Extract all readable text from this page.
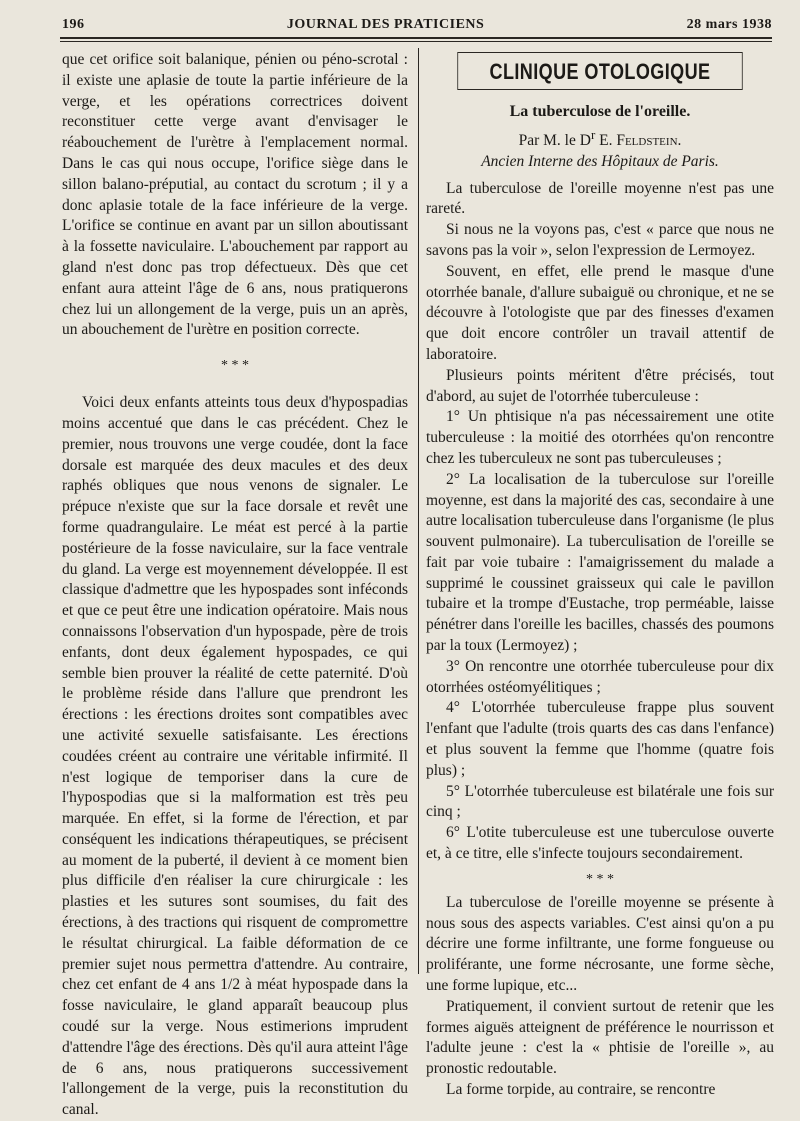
196	JOURNAL DES PRATICIENS	28 mars 1938

que cet orifice soit balanique, pénien ou péno-scrotal : il existe une aplasie de toute la partie inférieure de la verge, et les opérations correctrices doivent reconstituer cette verge avant d'envisager le réabouchement de l'urètre à l'emplacement normal. Dans le cas qui nous occupe, l'orifice siège dans le sillon balano-préputial, au contact du scrotum ; il y a donc aplasie totale de la face inférieure de la verge. L'orifice se continue en avant par un sillon aboutissant à la fossette naviculaire. L'abouchement par rapport au gland n'est donc pas trop défectueux. Dès que cet enfant aura atteint l'âge de 6 ans, nous pratiquerons chez lui un allongement de la verge, puis un an après, un abouchement de l'urètre en position correcte.

* * *

Voici deux enfants atteints tous deux d'hypospadias moins accentué que dans le cas précédent. Chez le premier, nous trouvons une verge coudée, dont la face dorsale est marquée des deux macules et des deux raphés obliques que nous venons de signaler. Le prépuce n'existe que sur la face dorsale et revêt une forme quadrangulaire. Le méat est percé à la partie postérieure de la fosse naviculaire, sur la face ventrale du gland. La verge est moyennement développée. Il est classique d'admettre que les hypospades sont inféconds et que ce peut être une indication opératoire. Mais nous connaissons l'observation d'un hypospade, père de trois enfants, dont deux également hypospades, ce qui semble bien prouver la réalité de cette paternité. D'où le problème réside dans l'allure que prendront les érections : les érections droites sont compatibles avec une activité sexuelle satisfaisante. Les érections coudées créent au contraire une véritable infirmité. Il n'est logique de temporiser dans la cure de l'hypospodias que si la malformation est très peu marquée. En effet, si la forme de l'érection, et par conséquent les indications thérapeutiques, se précisent au moment de la puberté, il devient à ce moment bien plus difficile d'en réaliser la cure chirurgicale : les plasties et les sutures sont soumises, du fait des érections, à des tractions qui risquent de compromettre le résultat chirurgical. La faible déformation de ce premier sujet nous permettra d'attendre. Au contraire, chez cet enfant de 4 ans 1/2 à méat hypospade dans la fosse naviculaire, le gland apparaît beaucoup plus coudé sur la verge. Nous estimerions imprudent d'attendre l'âge des érections. Dès qu'il aura atteint l'âge de 6 ans, nous pratiquerons successivement l'allongement de la verge, puis la reconstitution du canal.

CLINIQUE OTOLOGIQUE
La tuberculose de l'oreille.
Par M. le $D^r$ E. Feldstein.
Ancien Interne des Hôpitaux de Paris.

La tuberculose de l'oreille moyenne n'est pas une rareté.

Si nous ne la voyons pas, c'est « parce que nous ne savons pas la voir », selon l'expression de Lermoyez.

Souvent, en effet, elle prend le masque d'une otorrhée banale, d'allure subaiguë ou chronique, et ne se découvre à l'otologiste que par des finesses d'examen que doit encore contrôler un travail attentif de laboratoire.

Plusieurs points méritent d'être précisés, tout d'abord, au sujet de l'otorrhée tuberculeuse :

1° Un phtisique n'a pas nécessairement une otite tuberculeuse : la moitié des otorrhées qu'on rencontre chez les tuberculeux ne sont pas tuberculeuses ;

2° La localisation de la tuberculose sur l'oreille moyenne, est dans la majorité des cas, secondaire à une autre localisation tuberculeuse dans l'organisme (le plus souvent pulmonaire). La tuberculisation de l'oreille se fait par voie tubaire : l'amaigrissement du malade a supprimé le coussinet graisseux qui cale le pavillon tubaire et la trompe d'Eustache, trop perméable, laisse pénétrer dans l'oreille les bacilles, chassés des poumons par la toux (Lermoyez) ;

3° On rencontre une otorrhée tuberculeuse pour dix otorrhées ostéomyélitiques ;

4° L'otorrhée tuberculeuse frappe plus souvent l'enfant que l'adulte (trois quarts des cas dans l'enfance) et plus souvent la femme que l'homme (quatre fois plus) ;

5° L'otorrhée tuberculeuse est bilatérale une fois sur cinq ;

6° L'otite tuberculeuse est une tuberculose ouverte et, à ce titre, elle s'infecte toujours secondairement.

* * *

La tuberculose de l'oreille moyenne se présente à nous sous des aspects variables. C'est ainsi qu'on a pu décrire une forme infiltrante, une forme fongueuse ou proliférante, une forme nécrosante, une forme sèche, une forme lupique, etc...

Pratiquement, il convient surtout de retenir que les formes aiguës atteignent de préférence le nourrisson et l'adulte jeune : c'est la « phtisie de l'oreille », au pronostic redoutable.

La forme torpide, au contraire, se rencontre
